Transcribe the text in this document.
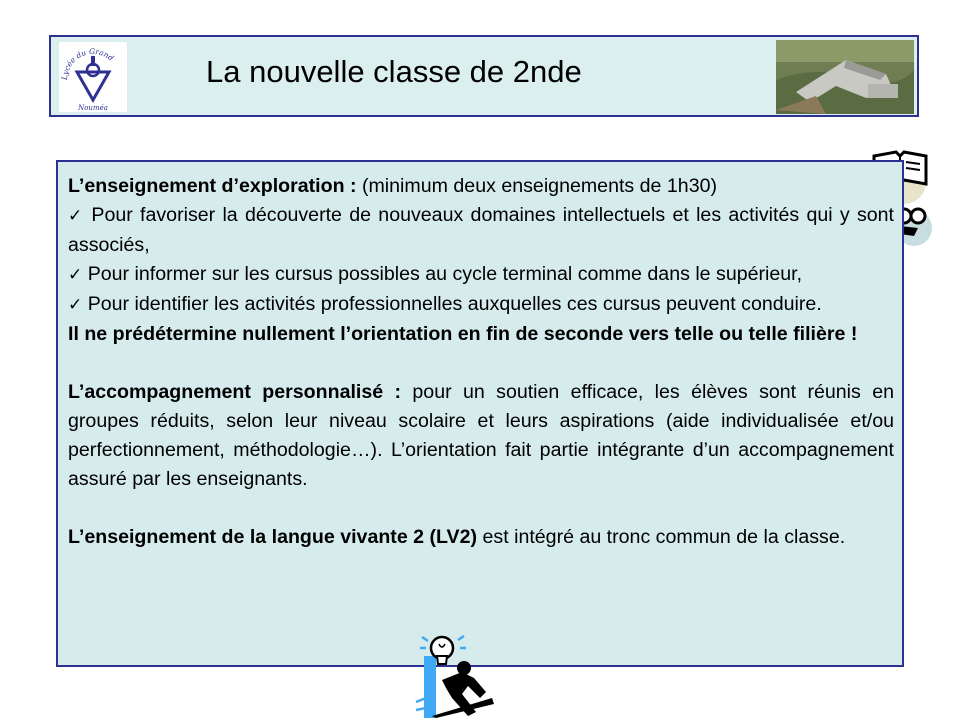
Lycée du Grand
Nouméa
La nouvelle classe de 2nde

L’enseignement d’exploration : (minimum deux enseignements de 1h30)

✓ Pour favoriser la découverte de nouveaux domaines intellectuels et les activités qui y sont associés,

✓ Pour informer sur les cursus possibles au cycle terminal comme dans le supérieur,

✓ Pour identifier les activités professionnelles auxquelles ces cursus peuvent conduire.

Il ne prédétermine nullement l’orientation en fin de seconde vers telle ou telle filière !

L’accompagnement personnalisé : pour un soutien efficace, les élèves sont réunis en groupes réduits, selon leur niveau scolaire et leurs aspirations (aide individualisée et/ou perfectionnement, méthodologie…). L’orientation fait partie intégrante d’un accompagnement assuré par les enseignants.

L’enseignement de la langue vivante 2 (LV2) est intégré au tronc commun de la classe.
